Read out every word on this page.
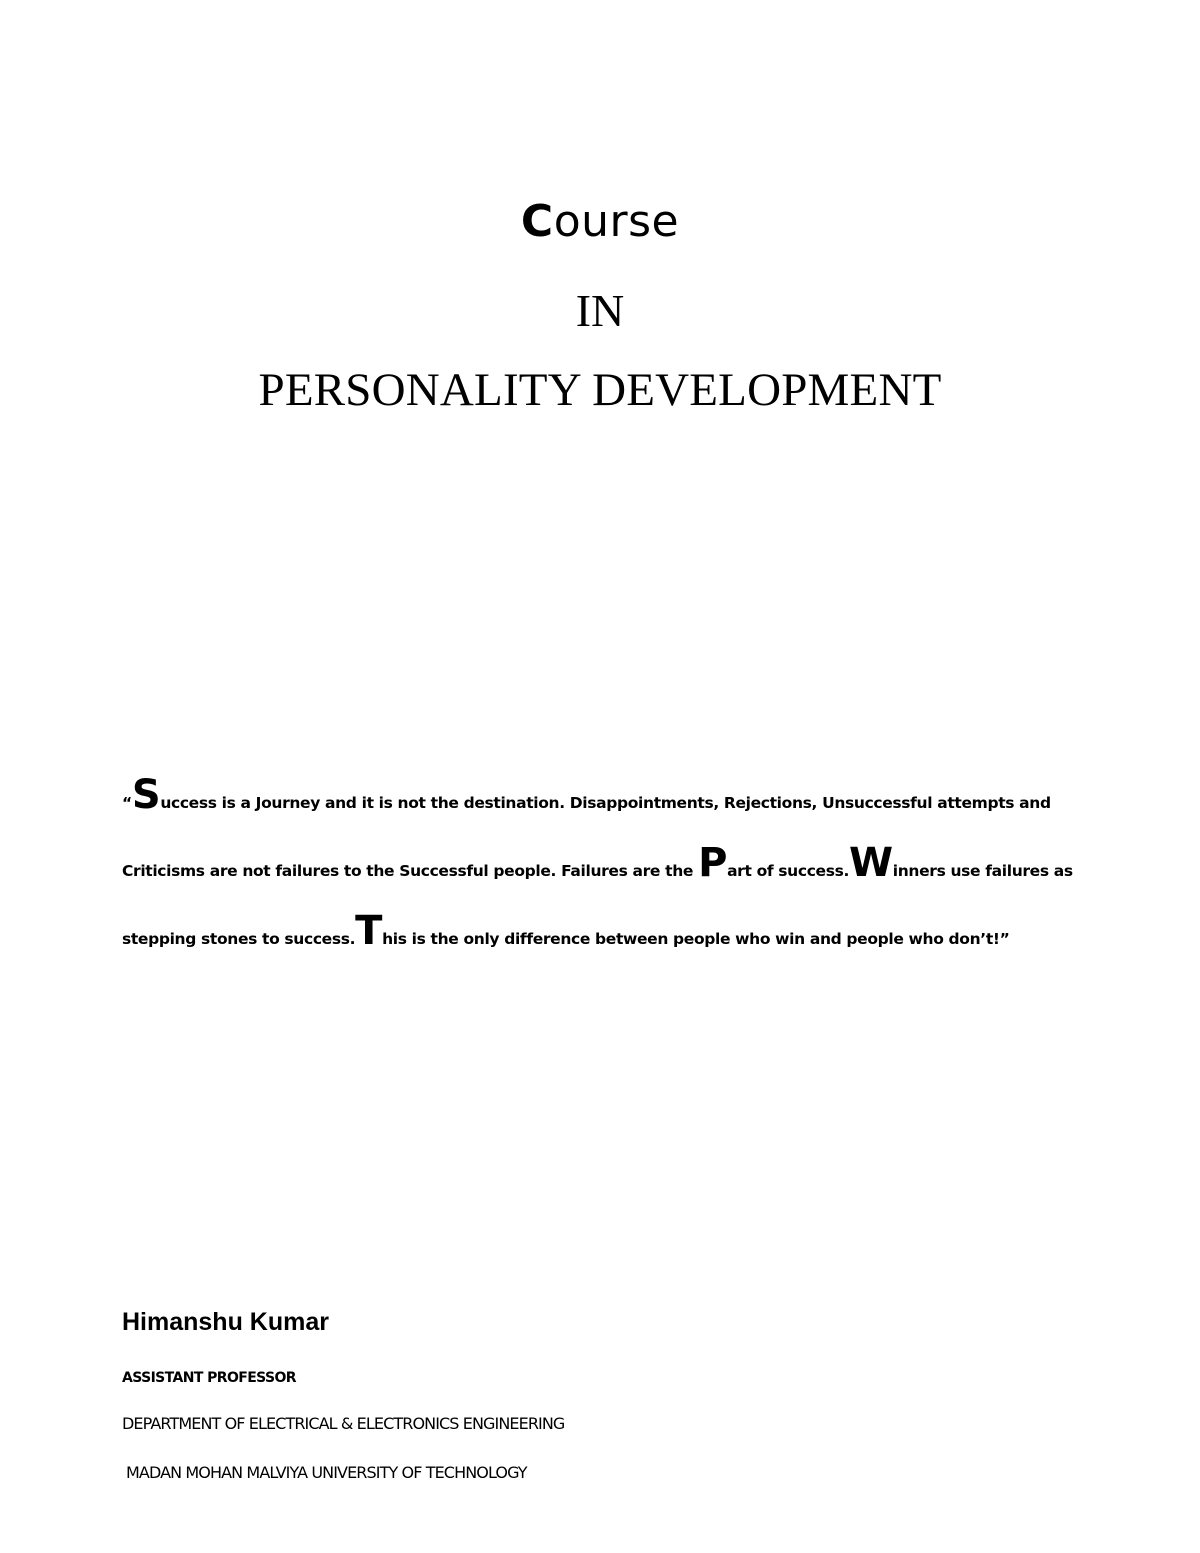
Course
IN
PERSONALITY DEVELOPMENT
“Success is a Journey and it is not the destination. Disappointments, Rejections, Unsuccessful attempts and
Criticisms are not failures to the Successful people. Failures are the Part of success.Winners use failures as
stepping stones to success.This is the only difference between people who win and people who don’t!”
Himanshu Kumar
ASSISTANT PROFESSOR
DEPARTMENT OF ELECTRICAL & ELECTRONICS ENGINEERING
MADAN MOHAN MALVIYA UNIVERSITY OF TECHNOLOGY
